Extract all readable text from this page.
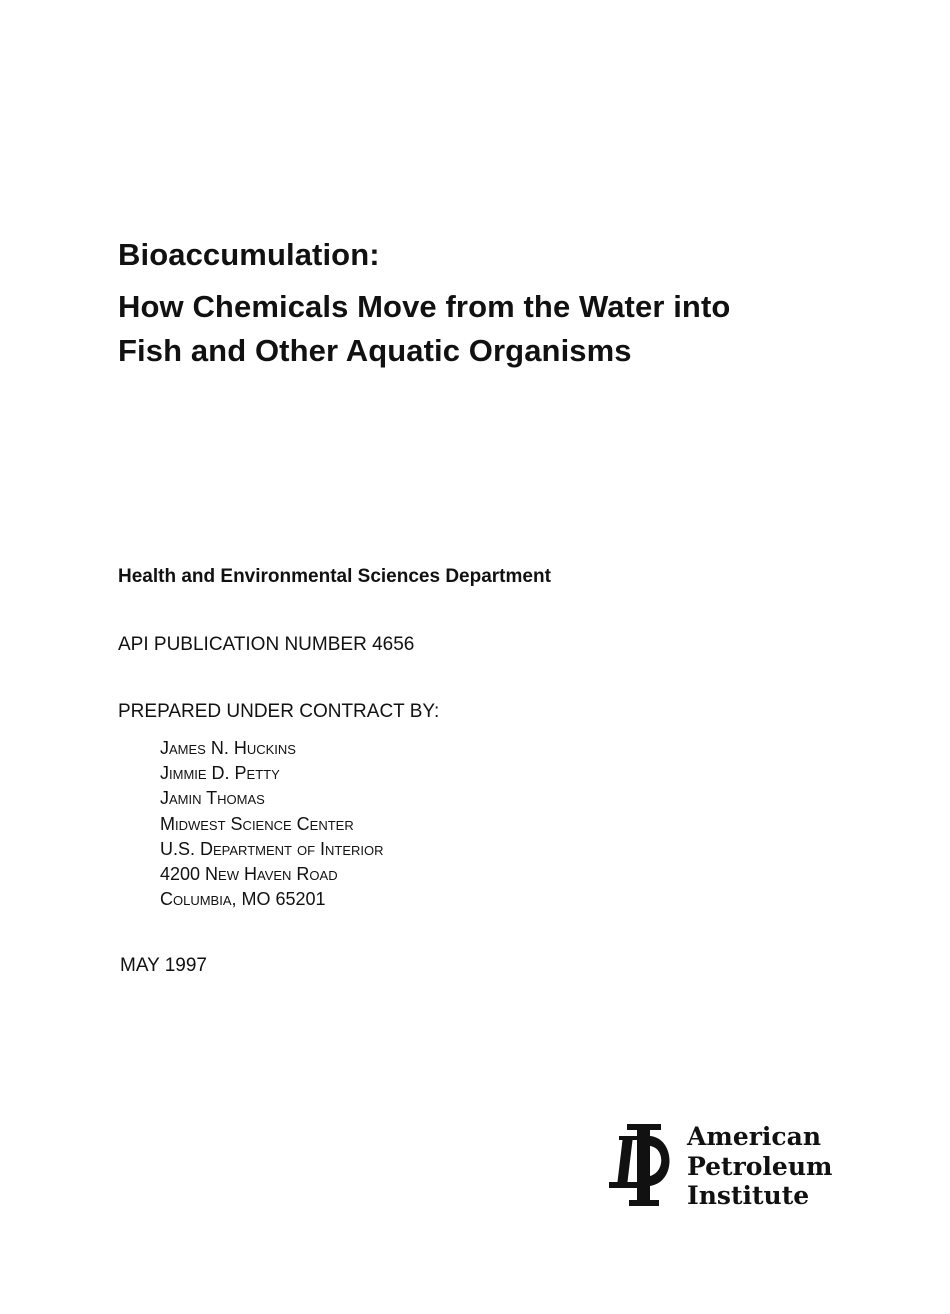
Bioaccumulation:
How Chemicals Move from the Water into
Fish and Other Aquatic Organisms

Health and Environmental Sciences Department

API PUBLICATION NUMBER 4656

PREPARED UNDER CONTRACT BY:

James N. Huckins
Jimmie D. Petty
Jamin Thomas
Midwest Science Center
U.S. Department of Interior
4200 New Haven Road
Columbia, MO 65201

MAY 1997

American
Petroleum
Institute
